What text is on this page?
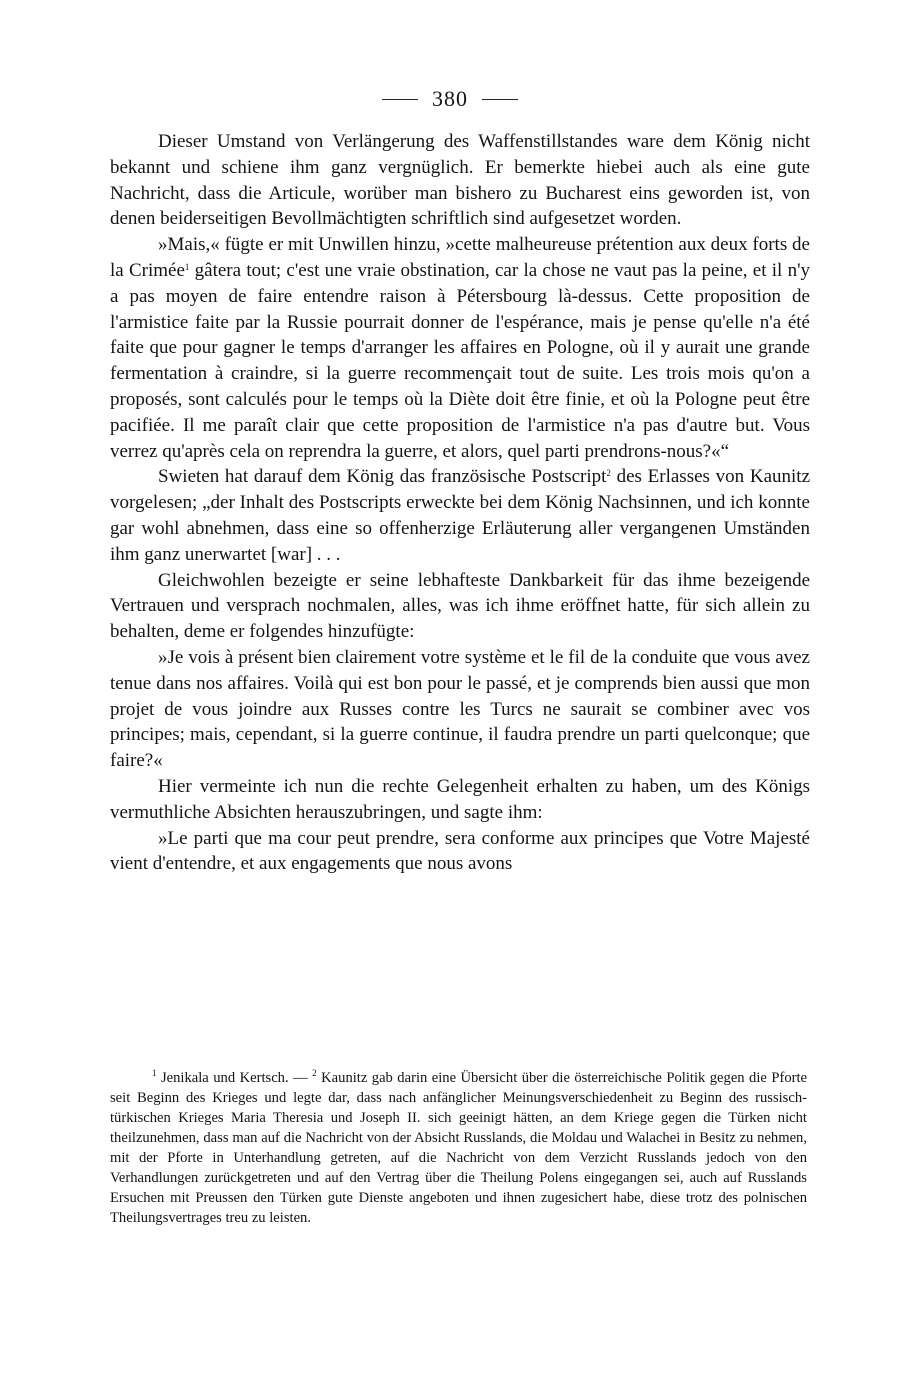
380

Dieser Umstand von Verlängerung des Waffenstillstandes ware dem König nicht bekannt und schiene ihm ganz vergnüglich. Er bemerkte hiebei auch als eine gute Nachricht, dass die Articule, worüber man bishero zu Bucharest eins geworden ist, von denen beiderseitigen Bevollmächtigten schriftlich sind aufgesetzet worden.

»Mais,« fügte er mit Unwillen hinzu, »cette malheureuse prétention aux deux forts de la Crimée$^1$ gâtera tout; c'est une vraie obstination, car la chose ne vaut pas la peine, et il n'y a pas moyen de faire entendre raison à Pétersbourg là-dessus. Cette proposition de l'armistice faite par la Russie pourrait donner de l'espérance, mais je pense qu'elle n'a été faite que pour gagner le temps d'arranger les affaires en Pologne, où il y aurait une grande fermentation à craindre, si la guerre recommençait tout de suite. Les trois mois qu'on a proposés, sont calculés pour le temps où la Diète doit être finie, et où la Pologne peut être pacifiée. Il me paraît clair que cette proposition de l'armistice n'a pas d'autre but. Vous verrez qu'après cela on reprendra la guerre, et alors, quel parti prendrons-nous?«“

Swieten hat darauf dem König das französische Postscript$^2$ des Erlasses von Kaunitz vorgelesen; „der Inhalt des Postscripts erweckte bei dem König Nachsinnen, und ich konnte gar wohl abnehmen, dass eine so offenherzige Erläuterung aller vergangenen Umständen ihm ganz unerwartet [war] . . .

Gleichwohlen bezeigte er seine lebhafteste Dankbarkeit für das ihme bezeigende Vertrauen und versprach nochmalen, alles, was ich ihme eröffnet hatte, für sich allein zu behalten, deme er folgendes hinzufügte:

»Je vois à présent bien clairement votre système et le fil de la conduite que vous avez tenue dans nos affaires. Voilà qui est bon pour le passé, et je comprends bien aussi que mon projet de vous joindre aux Russes contre les Turcs ne saurait se combiner avec vos principes; mais, cependant, si la guerre continue, il faudra prendre un parti quelconque; que faire?«

Hier vermeinte ich nun die rechte Gelegenheit erhalten zu haben, um des Königs vermuthliche Absichten herauszubringen, und sagte ihm:

»Le parti que ma cour peut prendre, sera conforme aux principes que Votre Majesté vient d'entendre, et aux engagements que nous avons

$^1$ Jenikala und Kertsch. — $^2$ Kaunitz gab darin eine Übersicht über die österreichische Politik gegen die Pforte seit Beginn des Krieges und legte dar, dass nach anfänglicher Meinungsverschiedenheit zu Beginn des russisch-türkischen Krieges Maria Theresia und Joseph II. sich geeinigt hätten, an dem Kriege gegen die Türken nicht theilzunehmen, dass man auf die Nachricht von der Absicht Russlands, die Moldau und Walachei in Besitz zu nehmen, mit der Pforte in Unterhandlung getreten, auf die Nachricht von dem Verzicht Russlands jedoch von den Verhandlungen zurückgetreten und auf den Vertrag über die Theilung Polens eingegangen sei, auch auf Russlands Ersuchen mit Preussen den Türken gute Dienste angeboten und ihnen zugesichert habe, diese trotz des polnischen Theilungsvertrages treu zu leisten.
